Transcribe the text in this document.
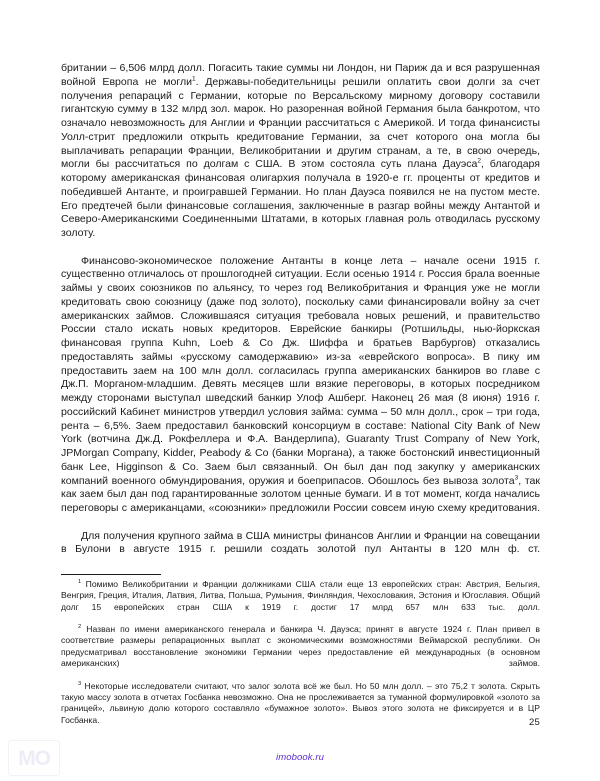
британии – 6,506 млрд долл. Погасить такие суммы ни Лондон, ни Париж да и вся разрушенная войной Европа не могли$^1$. Державы-победительницы решили оплатить свои долги за счет получения репараций с Германии, которые по Версальскому мирному договору составили гигантскую сумму в 132 млрд зол. марок. Но разоренная войной Германия была банкротом, что означало невозможность для Англии и Франции рассчитаться с Америкой. И тогда финансисты Уолл-стрит предложили открыть кредитование Германии, за счет которого она могла бы выплачивать репарации Франции, Великобритании и другим странам, а те, в свою очередь, могли бы рассчитаться по долгам с США. В этом состояла суть плана Дауэса$^2$, благодаря которому американская финансовая олигархия получала в 1920-е гг. проценты от кредитов и победившей Антанте, и проигравшей Германии. Но план Дауэса появился не на пустом месте. Его предтечей были финансовые соглашения, заключенные в разгар войны между Антантой и Северо-Американскими Соединенными Штатами, в которых главная роль отводилась русскому золоту.

Финансово-экономическое положение Антанты в конце лета – начале осени 1915 г. существенно отличалось от прошлогодней ситуации. Если осенью 1914 г. Россия брала военные займы у своих союзников по альянсу, то через год Великобритания и Франция уже не могли кредитовать свою союзницу (даже под золото), поскольку сами финансировали войну за счет американских займов. Сложившаяся ситуация требовала новых решений, и правительство России стало искать новых кредиторов. Еврейские банкиры (Ротшильды, нью-йоркская финансовая группа Kuhn, Loeb & Co Дж. Шиффа и братьев Варбургов) отказались предоставлять займы «русскому самодержавию» из-за «еврейского вопроса». В пику им предоставить заем на 100 млн долл. согласилась группа американских банкиров во главе с Дж.П. Морганом-младшим. Девять месяцев шли вязкие переговоры, в которых посредником между сторонами выступал шведский банкир Улоф Ашберг. Наконец 26 мая (8 июня) 1916 г. российский Кабинет министров утвердил условия займа: сумма – 50 млн долл., срок – три года, рента – 6,5%. Заем предоставил банковский консорциум в составе: National City Bank of New York (вотчина Дж.Д. Рокфеллера и Ф.А. Вандерлипа), Guaranty Trust Company of New York, JPMorgan Company, Kidder, Peabody & Co (банки Моргана), а также бостонский инвестиционный банк Lee, Higginson & Co. Заем был связанный. Он был дан под закупку у американских компаний военного обмундирования, оружия и боеприпасов. Обошлось без вывоза золота$^3$, так как заем был дан под гарантированные золотом ценные бумаги. И в тот момент, когда начались переговоры с американцами, «союзники» предложили России совсем иную схему кредитования.

Для получения крупного займа в США министры финансов Англии и Франции на совещании в Булони в августе 1915 г. решили создать золотой пул Антанты в 120 млн ф. ст.

$^1$ Помимо Великобритании и Франции должниками США стали еще 13 европейских стран: Австрия, Бельгия, Венгрия, Греция, Италия, Латвия, Литва, Польша, Румыния, Финляндия, Чехословакия, Эстония и Югославия. Общий долг 15 европейских стран США к 1919 г. достиг 17 млрд 657 млн 633 тыс. долл.

$^2$ Назван по имени американского генерала и банкира Ч. Дауэса; принят в августе 1924 г. План привел в соответствие размеры репарационных выплат с экономическими возможностями Веймарской республики. Он предусматривал восстановление экономики Германии через предоставление ей международных (в основном американских) займов.

$^3$ Некоторые исследователи считают, что залог золота всё же был. Но 50 млн долл. – это 75,2 т золота. Скрыть такую массу золота в отчетах Госбанка невозможно. Она не прослеживается за туманной формулировкой «золото за границей», львиную долю которого составляло «бумажное золото». Вывоз этого золота не фиксируется и в ЦР Госбанка.	25
imobook.ru
MO
